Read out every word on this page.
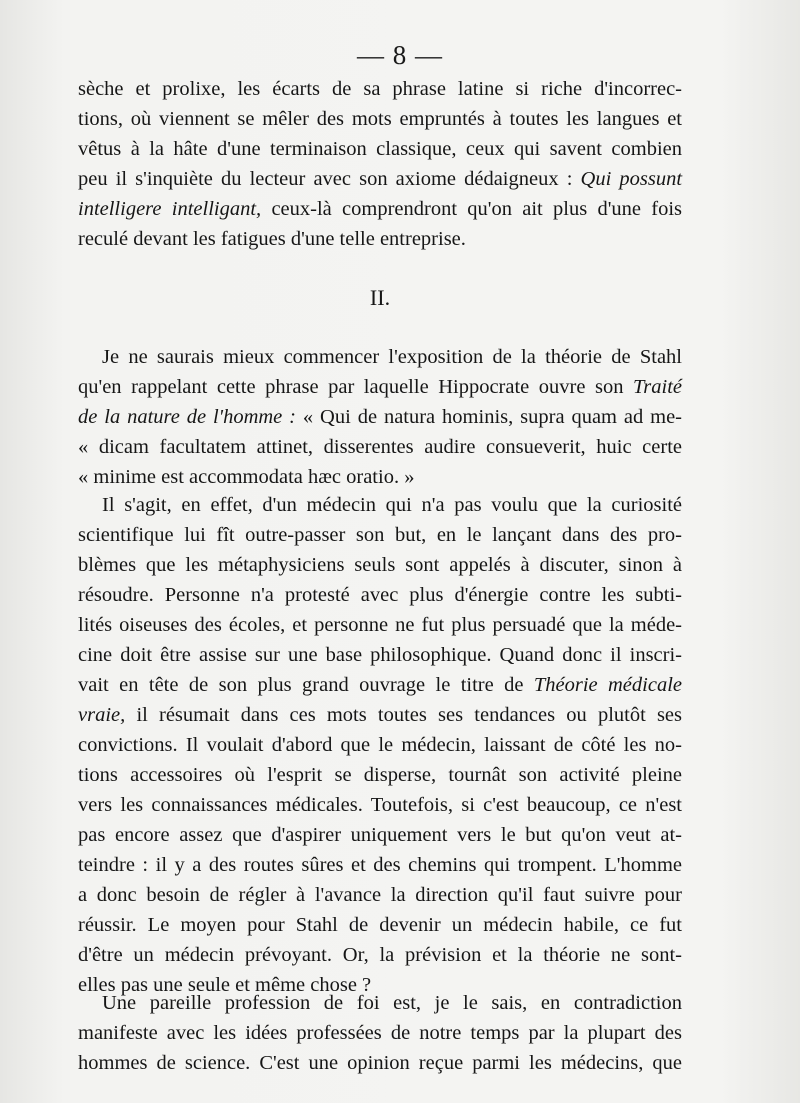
— 8 —
sèche et prolixe, les écarts de sa phrase latine si riche d'incorrec-
tions, où viennent se mêler des mots empruntés à toutes les langues et
vêtus à la hâte d'une terminaison classique, ceux qui savent combien
peu il s'inquiète du lecteur avec son axiome dédaigneux : Qui possunt
intelligere intelligant, ceux-là comprendront qu'on ait plus d'une fois
reculé devant les fatigues d'une telle entreprise.
II.
Je ne saurais mieux commencer l'exposition de la théorie de Stahl
qu'en rappelant cette phrase par laquelle Hippocrate ouvre son Traité
de la nature de l'homme : « Qui de natura hominis, supra quam ad me-
« dicam facultatem attinet, disserentes audire consueverit, huic certe
« minime est accommodata hæc oratio. »
Il s'agit, en effet, d'un médecin qui n'a pas voulu que la curiosité
scientifique lui fît outre-passer son but, en le lançant dans des pro-
blèmes que les métaphysiciens seuls sont appelés à discuter, sinon à
résoudre. Personne n'a protesté avec plus d'énergie contre les subti-
lités oiseuses des écoles, et personne ne fut plus persuadé que la méde-
cine doit être assise sur une base philosophique. Quand donc il inscri-
vait en tête de son plus grand ouvrage le titre de Théorie médicale
vraie, il résumait dans ces mots toutes ses tendances ou plutôt ses
convictions. Il voulait d'abord que le médecin, laissant de côté les no-
tions accessoires où l'esprit se disperse, tournât son activité pleine
vers les connaissances médicales. Toutefois, si c'est beaucoup, ce n'est
pas encore assez que d'aspirer uniquement vers le but qu'on veut at-
teindre : il y a des routes sûres et des chemins qui trompent. L'homme
a donc besoin de régler à l'avance la direction qu'il faut suivre pour
réussir. Le moyen pour Stahl de devenir un médecin habile, ce fut
d'être un médecin prévoyant. Or, la prévision et la théorie ne sont-
elles pas une seule et même chose ?
Une pareille profession de foi est, je le sais, en contradiction
manifeste avec les idées professées de notre temps par la plupart des
hommes de science. C'est une opinion reçue parmi les médecins, que
